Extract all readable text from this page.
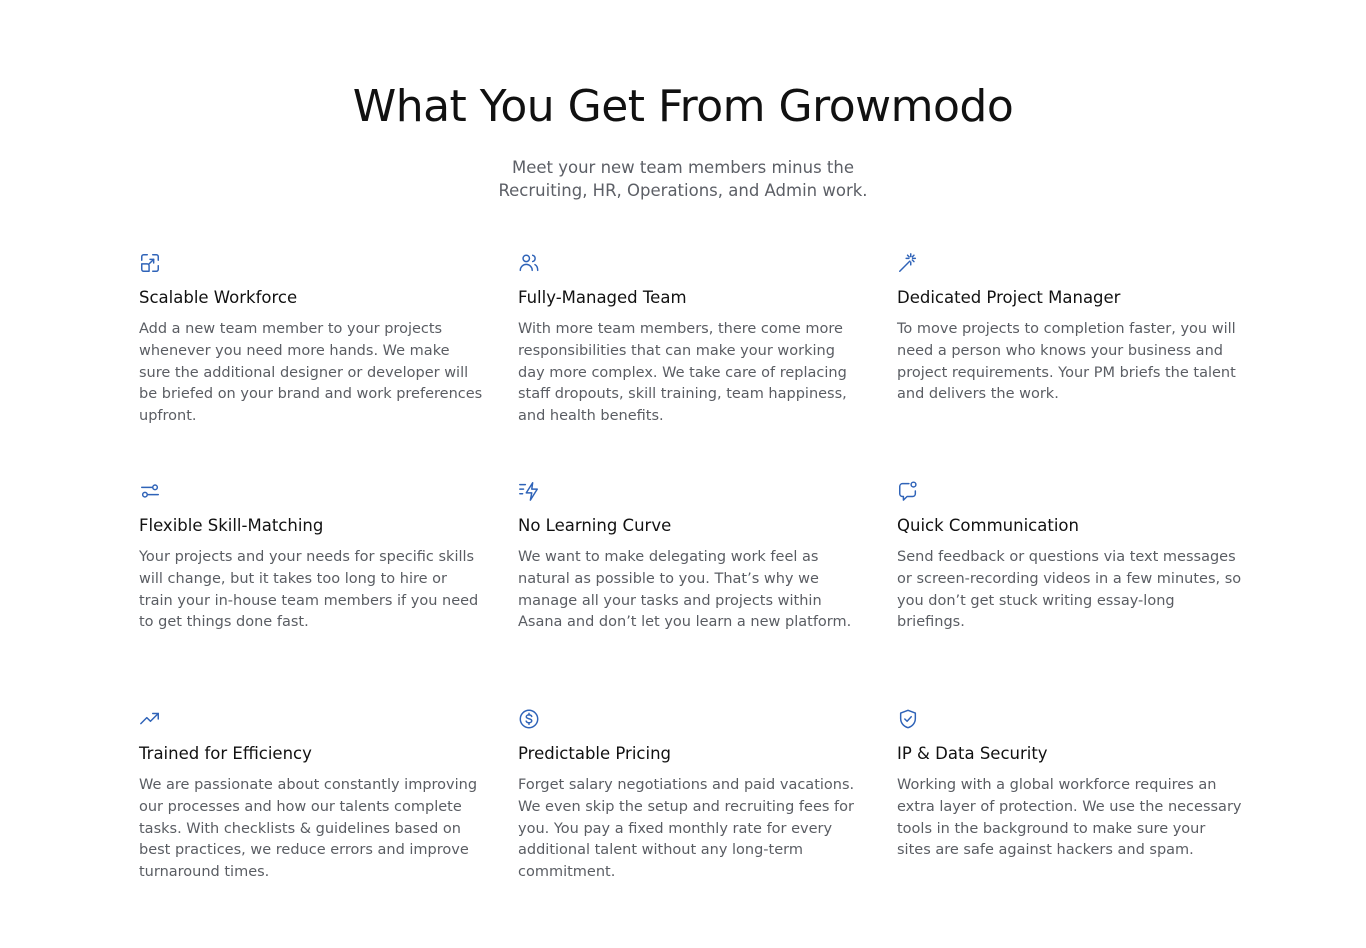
What You Get From Growmodo
Meet your new team members minus the
Recruiting, HR, Operations, and Admin work.
Scalable Workforce

Add a new team member to your projects whenever you need more hands. We make sure the additional designer or developer will be briefed on your brand and work preferences upfront.

Fully-Managed Team

With more team members, there come more responsibilities that can make your working day more complex. We take care of replacing staff dropouts, skill training, team happiness, and health benefits.

Dedicated Project Manager

To move projects to completion faster, you will need a person who knows your business and project requirements. Your PM briefs the talent and delivers the work.

Flexible Skill-Matching

Your projects and your needs for specific skills will change, but it takes too long to hire or train your in-house team members if you need to get things done fast.

No Learning Curve

We want to make delegating work feel as natural as possible to you. That’s why we manage all your tasks and projects within Asana and don’t let you learn a new platform.

Quick Communication

Send feedback or questions via text messages or screen-recording videos in a few minutes, so you don’t get stuck writing essay-long briefings.

Trained for Efficiency

We are passionate about constantly improving our processes and how our talents complete tasks. With checklists & guidelines based on best practices, we reduce errors and improve turnaround times.

Predictable Pricing

Forget salary negotiations and paid vacations. We even skip the setup and recruiting fees for you. You pay a fixed monthly rate for every additional talent without any long-term commitment.

IP & Data Security

Working with a global workforce requires an extra layer of protection. We use the necessary tools in the background to make sure your sites are safe against hackers and spam.
